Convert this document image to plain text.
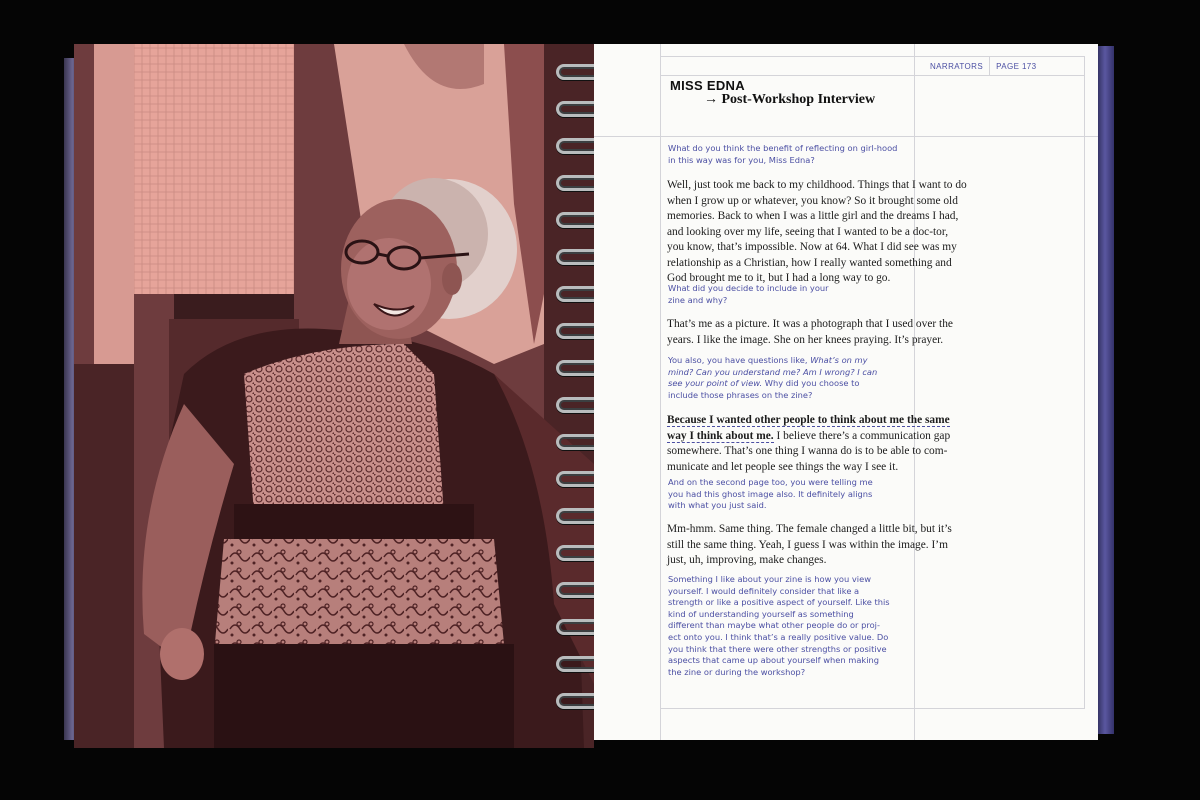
NARRATORS	PAGE 173
MISS EDNA
→ Post-Workshop Interview

What do you think the benefit of reflecting on girl-hood in this way was for you, Miss Edna?

Well, just took me back to my childhood. Things that I want to do when I grow up or whatever, you know? So it brought some old memories. Back to when I was a little girl and the dreams I had, and looking over my life, seeing that I wanted to be a doc-tor, you know, that’s impossible. Now at 64. What I did see was my relationship as a Christian, how I really wanted something and God brought me to it, but I had a long way to go.

What did you decide to include in your zine and why?

That’s me as a picture. It was a photograph that I used over the years. I like the image. She on her knees praying. It’s prayer.

You also, you have questions like, What’s on my mind? Can you understand me? Am I wrong? I can see your point of view. Why did you choose to include those phrases on the zine?

Because I wanted other people to think about me the same way I think about me. I believe there’s a communication gap somewhere. That’s one thing I wanna do is to be able to com-municate and let people see things the way I see it.

And on the second page too, you were telling me you had this ghost image also. It definitely aligns with what you just said.

Mm-hmm. Same thing. The female changed a little bit, but it’s still the same thing. Yeah, I guess I was within the image. I’m just, uh, improving, make changes.

Something I like about your zine is how you view yourself. I would definitely consider that like a strength or like a positive aspect of yourself. Like this kind of understanding yourself as something different than maybe what other people do or proj-ect onto you. I think that’s a really positive value. Do you think that there were other strengths or positive aspects that came up about yourself when making the zine or during the workshop?
